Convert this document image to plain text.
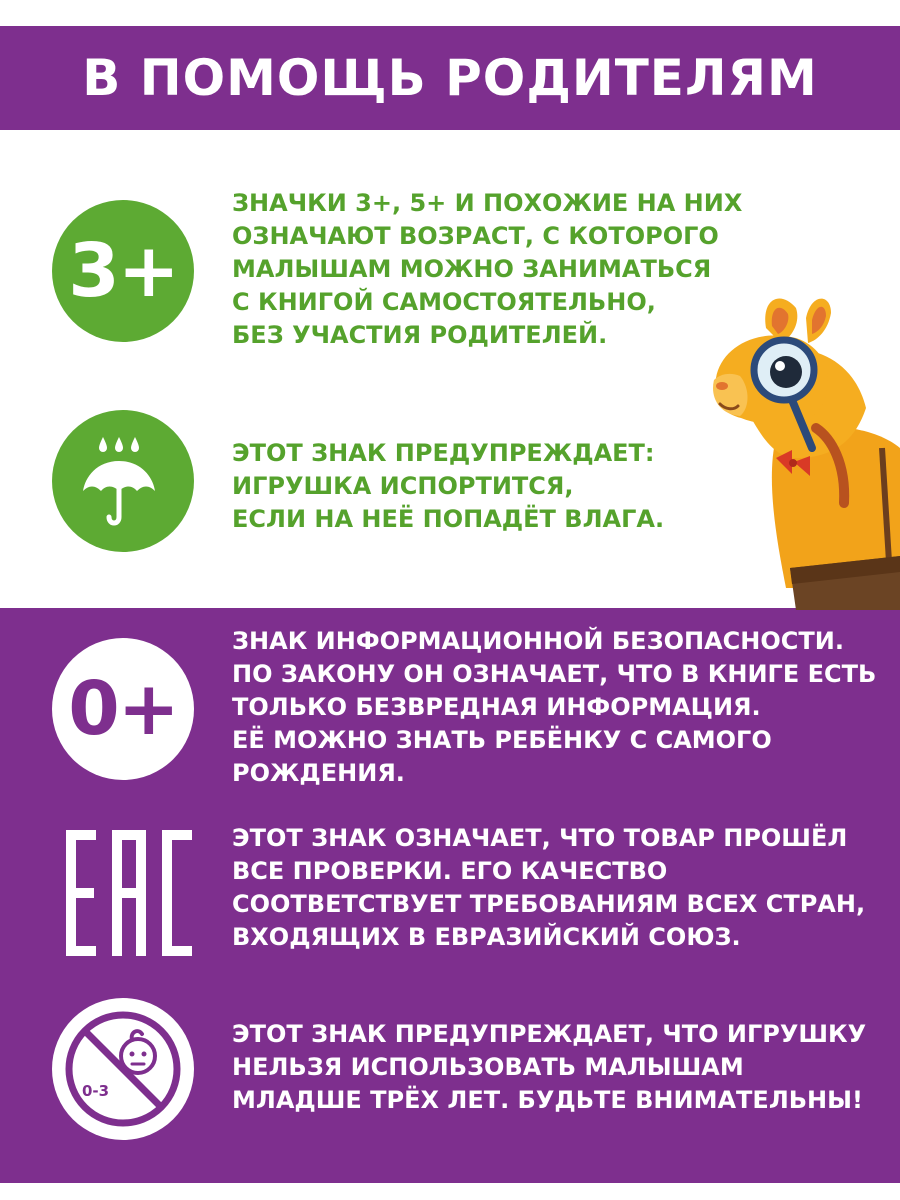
В ПОМОЩЬ РОДИТЕЛЯМ
3+
ЗНАЧКИ 3+, 5+ И ПОХОЖИЕ НА НИХ
ОЗНАЧАЮТ ВОЗРАСТ, С КОТОРОГО
МАЛЫШАМ МОЖНО ЗАНИМАТЬСЯ
С КНИГОЙ САМОСТОЯТЕЛЬНО,
БЕЗ УЧАСТИЯ РОДИТЕЛЕЙ.
ЭТОТ ЗНАК ПРЕДУПРЕЖДАЕТ:
ИГРУШКА ИСПОРТИТСЯ,
ЕСЛИ НА НЕЁ ПОПАДЁТ ВЛАГА.
0+
ЗНАК ИНФОРМАЦИОННОЙ БЕЗОПАСНОСТИ.
ПО ЗАКОНУ ОН ОЗНАЧАЕТ, ЧТО В КНИГЕ ЕСТЬ
ТОЛЬКО БЕЗВРЕДНАЯ ИНФОРМАЦИЯ.
ЕЁ МОЖНО ЗНАТЬ РЕБЁНКУ С САМОГО
РОЖДЕНИЯ.
ЭТОТ ЗНАК ОЗНАЧАЕТ, ЧТО ТОВАР ПРОШЁЛ
ВСЕ ПРОВЕРКИ. ЕГО КАЧЕСТВО
СООТВЕТСТВУЕТ ТРЕБОВАНИЯМ ВСЕХ СТРАН,
ВХОДЯЩИХ В ЕВРАЗИЙСКИЙ СОЮЗ.
0-3
ЭТОТ ЗНАК ПРЕДУПРЕЖДАЕТ, ЧТО ИГРУШКУ
НЕЛЬЗЯ ИСПОЛЬЗОВАТЬ МАЛЫШАМ
МЛАДШЕ ТРЁХ ЛЕТ. БУДЬТЕ ВНИМАТЕЛЬНЫ!
